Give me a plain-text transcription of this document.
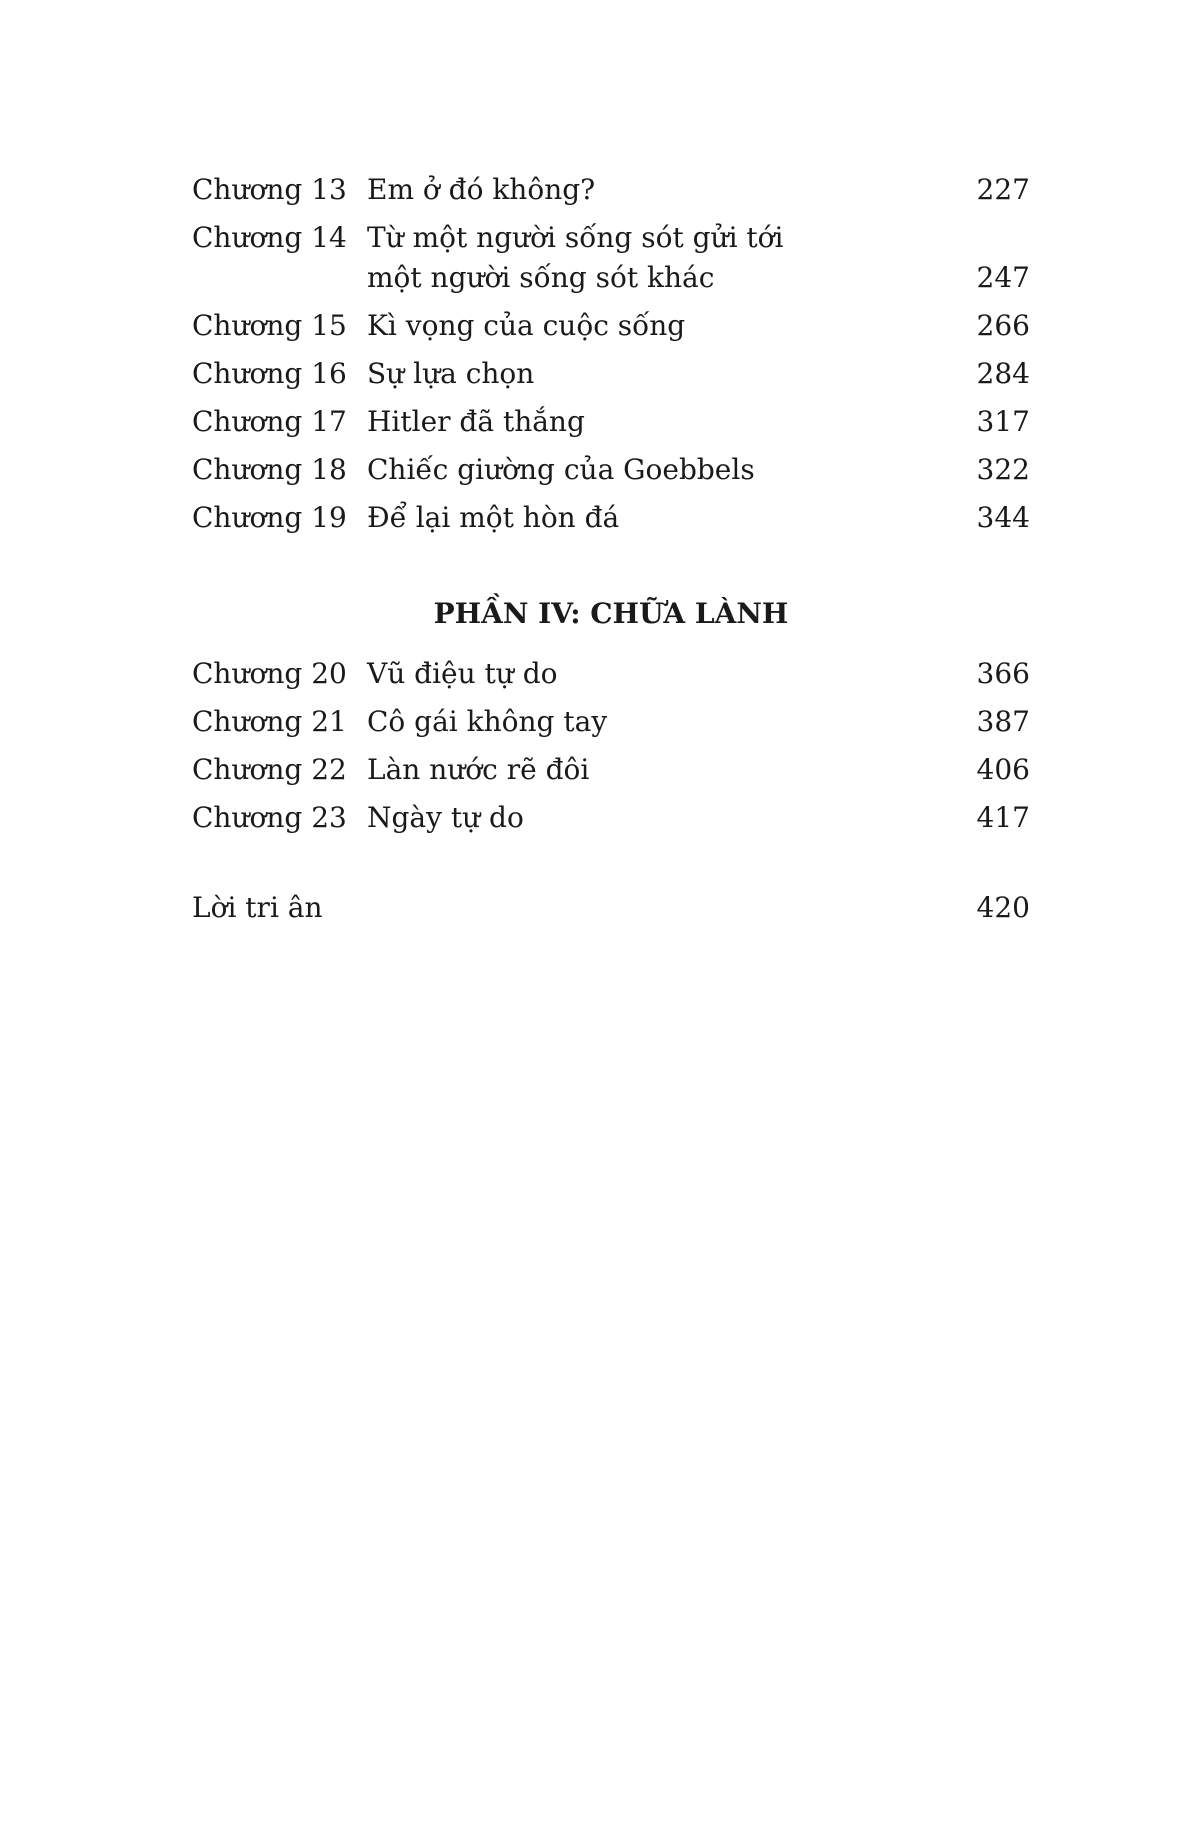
Chương 13 Em ở đó không?	227
Chương 14 Từ một người sống sót gửi tới
một người sống sót khác	247
Chương 15 Kì vọng của cuộc sống	266
Chương 16 Sự lựa chọn	284
Chương 17 Hitler đã thắng	317
Chương 18 Chiếc giường của Goebbels	322
Chương 19 Để lại một hòn đá	344
PHẦN IV: CHỮA LÀNH
Chương 20 Vũ điệu tự do	366
Chương 21 Cô gái không tay	387
Chương 22 Làn nước rẽ đôi	406
Chương 23 Ngày tự do	417
Lời tri ân	420
